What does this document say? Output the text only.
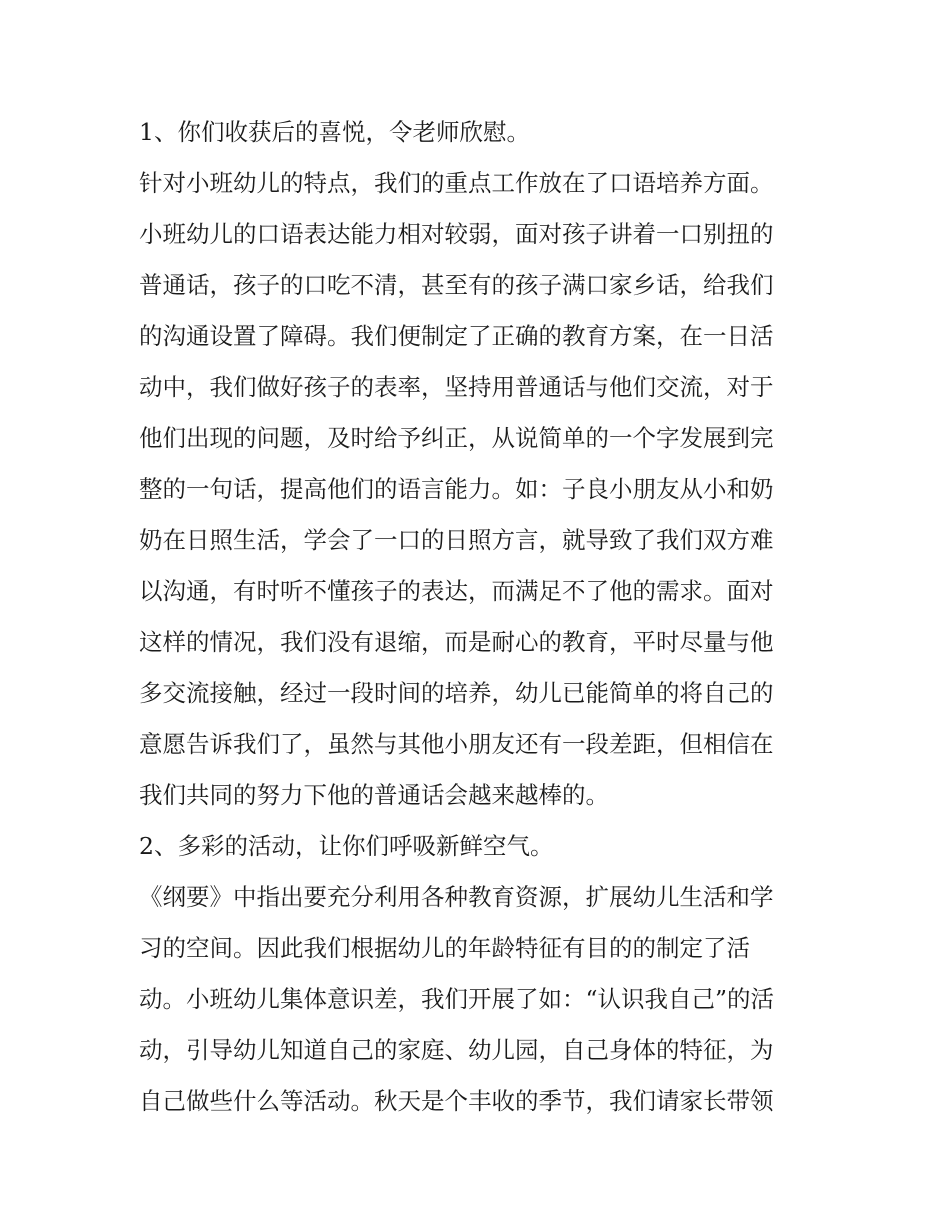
1、你们收获后的喜悦，令老师欣慰。
针对小班幼儿的特点，我们的重点工作放在了口语培养方面。
小班幼儿的口语表达能力相对较弱，面对孩子讲着一口别扭的
普通话，孩子的口吃不清，甚至有的孩子满口家乡话，给我们
的沟通设置了障碍。我们便制定了正确的教育方案，在一日活
动中，我们做好孩子的表率，坚持用普通话与他们交流，对于
他们出现的问题，及时给予纠正，从说简单的一个字发展到完
整的一句话，提高他们的语言能力。如：子良小朋友从小和奶
奶在日照生活，学会了一口的日照方言，就导致了我们双方难
以沟通，有时听不懂孩子的表达，而满足不了他的需求。面对
这样的情况，我们没有退缩，而是耐心的教育，平时尽量与他
多交流接触，经过一段时间的培养，幼儿已能简单的将自己的
意愿告诉我们了，虽然与其他小朋友还有一段差距，但相信在
我们共同的努力下他的普通话会越来越棒的。
2、多彩的活动，让你们呼吸新鲜空气。
《纲要》中指出要充分利用各种教育资源，扩展幼儿生活和学
习的空间。因此我们根据幼儿的年龄特征有目的的制定了活
动。小班幼儿集体意识差，我们开展了如：“认识我自己”的活
动，引导幼儿知道自己的家庭、幼儿园，自己身体的特征，为
自己做些什么等活动。秋天是个丰收的季节，我们请家长带领
